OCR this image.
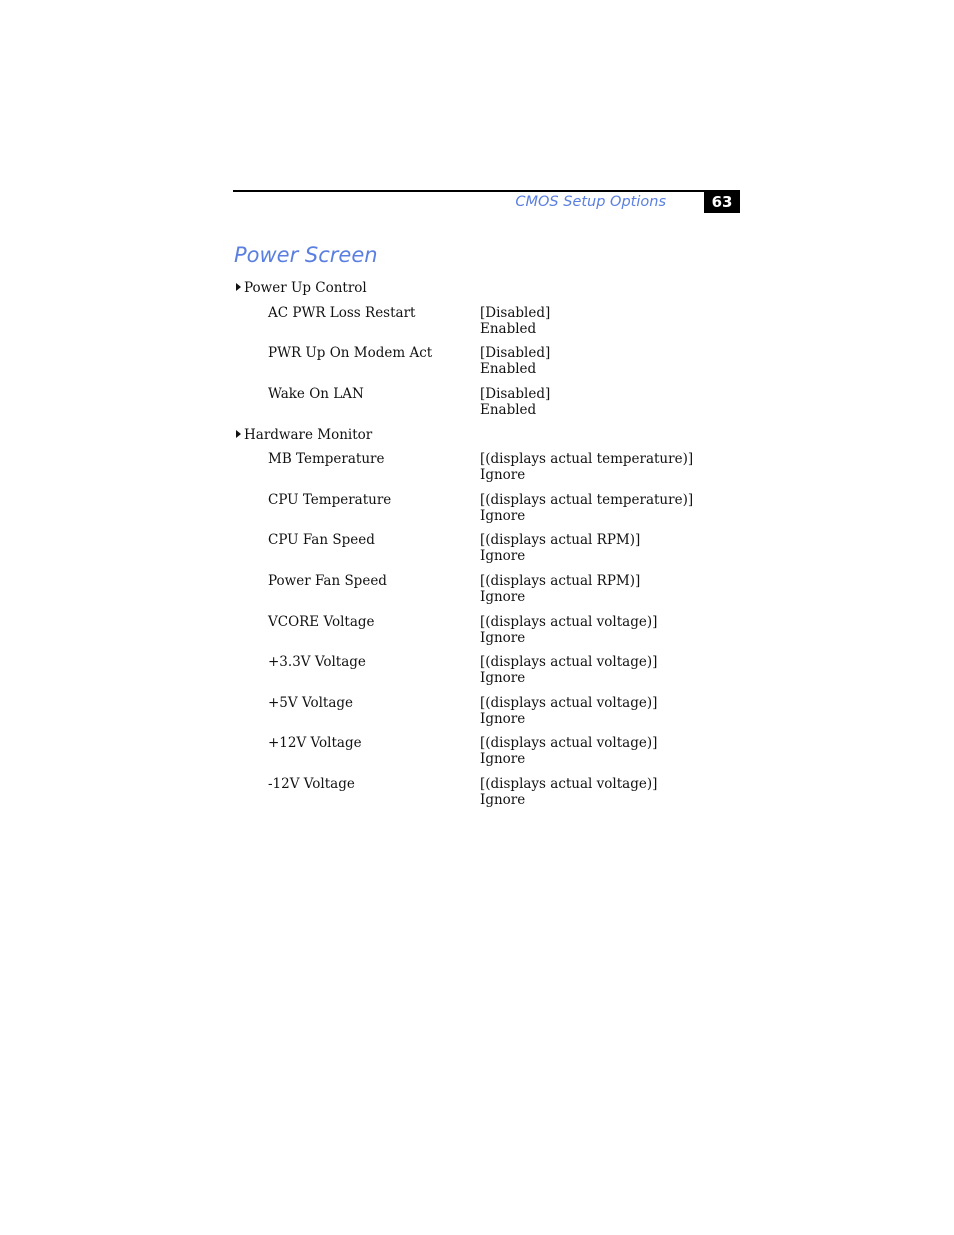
CMOS Setup Options	63
Power Screen
Power Up Control
AC PWR Loss Restart	[Disabled]
Enabled
PWR Up On Modem Act	[Disabled]
Enabled
Wake On LAN	[Disabled]
Enabled
Hardware Monitor
MB Temperature	[(displays actual temperature)]
Ignore
CPU Temperature	[(displays actual temperature)]
Ignore
CPU Fan Speed	[(displays actual RPM)]
Ignore
Power Fan Speed	[(displays actual RPM)]
Ignore
VCORE Voltage	[(displays actual voltage)]
Ignore
+3.3V Voltage	[(displays actual voltage)]
Ignore
+5V Voltage	[(displays actual voltage)]
Ignore
+12V Voltage	[(displays actual voltage)]
Ignore
-12V Voltage	[(displays actual voltage)]
Ignore
